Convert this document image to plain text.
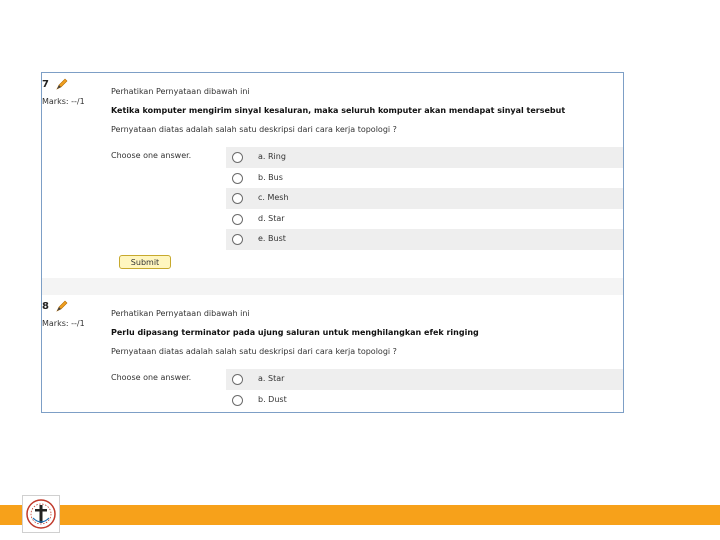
7
Marks: --/1
Perhatikan Pernyataan dibawah ini
Ketika komputer mengirim sinyal kesaluran, maka seluruh komputer akan mendapat sinyal tersebut
Pernyataan diatas adalah salah satu deskripsi dari cara kerja topologi ?
Choose one answer.	a. Ring
b. Bus
c. Mesh
d. Star
e. Bust
Submit
8
Marks: --/1
Perhatikan Pernyataan dibawah ini
Perlu dipasang terminator pada ujung saluran untuk menghilangkan efek ringing
Pernyataan diatas adalah salah satu deskripsi dari cara kerja topologi ?
Choose one answer.	a. Star
b. Dust
